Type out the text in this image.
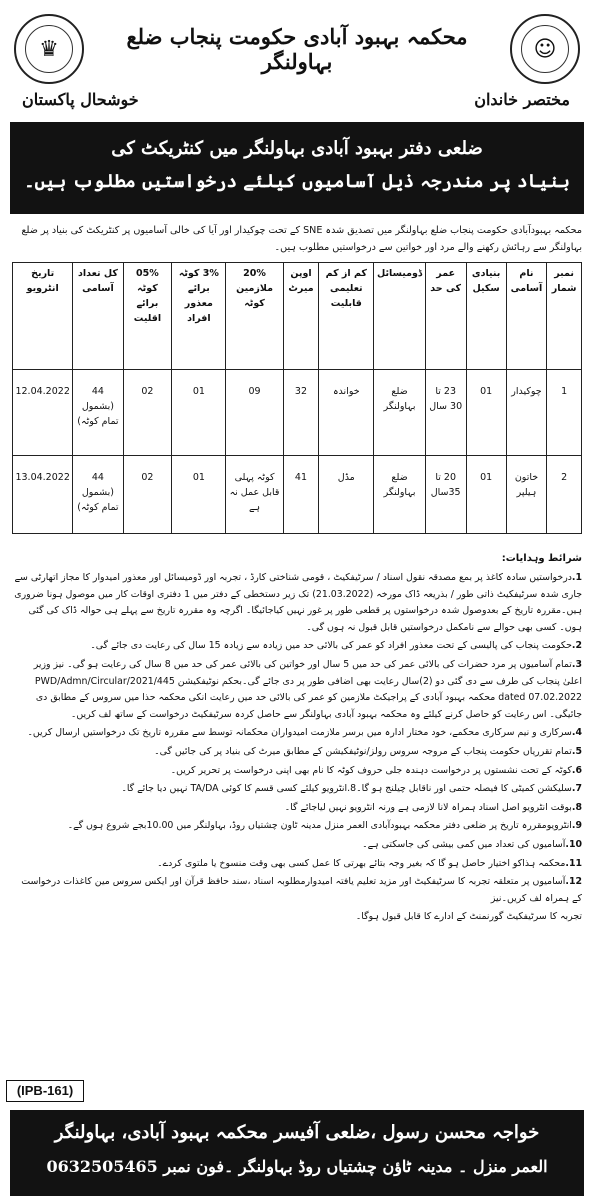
♛	☺
محکمہ بہبود آبادی حکومت پنجاب ضلع بہاولنگر
خوشحال پاکستان	مختصر خاندان
ضلعی دفتر بہبود آبادی بہاولنگر میں کنٹریکٹ کی
بنیاد پر مندرجہ ذیل آسامیوں کیلئے درخواستیں مطلوب ہیں۔
محکمہ بہبودآبادی حکومت پنجاب ضلع بہاولنگر میں تصدیق شدہ SNE کے تحت چوکیدار اور آیا کی خالی آسامیوں پر کنٹریکٹ کی بنیاد پر ضلع بہاولنگر سے رہائش رکھنے والے مرد اور خواتین سے درخواستیں مطلوب ہیں۔
نمبر شمار	نام آسامی	بنیادی سکیل	عمر کی حد	ڈومیسائل	کم از کم تعلیمی قابلیت	اوپن میرٹ	20% ملازمین کوٹہ	3% کوٹہ برائے معذور افراد	05% کوٹہ برائے اقلیت	کل تعداد آسامی	تاریخ انٹرویو
1	چوکیدار	01	23 تا 30 سال	ضلع بہاولنگر	خواندہ	32	09	01	02	44 (بشمول تمام کوٹہ)	12.04.2022
2	خاتون ہیلپر	01	20 تا 35سال	ضلع بہاولنگر	مڈل	41	کوٹہ پہلی قابل عمل نہ ہے	01	02	44 (بشمول تمام کوٹہ)	13.04.2022
شرائط وہدایات:
1.درخواستیں سادہ کاغذ پر بمع مصدقہ نقول اسناد / سرٹیفکیٹ ، قومی شناختی کارڈ ، تجربہ اور ڈومیسائل اور معذور امیدوار کا مجاز اتھارٹی سے جاری شدہ سرٹیفکیٹ ذاتی طور / بذریعہ ڈاک مورخہ (21.03.2022) تک زیر دستخطی کے دفتر میں 1 دفتری اوقات کار میں موصول ہونا ضروری ہیں۔مقررہ تاریخ کے بعدوصول شدہ درخواستوں پر قطعی طور پر غور نہیں کیاجائیگا۔ اگرچہ وہ مقررہ تاریخ سے پہلے ہی حوالہ ڈاک کی گئی ہوں۔ کسی بھی حوالے سے نامکمل درخواستیں قابل قبول نہ ہوں گی۔
2.حکومت پنجاب کی پالیسی کے تحت معذور افراد کو عمر کی بالائی حد میں زیادہ سے زیادہ 15 سال کی رعایت دی جائے گی۔
3.تمام آسامیوں پر مرد حضرات کی بالائی عمر کی حد میں 5 سال اور خواتین کی بالائی عمر کی حد میں 8 سال کی رعایت ہو گی۔ نیز وزیر اعلیٰ پنجاب کی طرف سے دی گئی دو (2)سال رعایت بھی اضافی طور پر دی جائے گی۔بحکم نوٹیفکیشن PWD/Admn/Circular/2021/445 dated 07.02.2022 محکمہ بہبود آبادی کے پراجیکٹ ملازمین کو عمر کی بالائی حد میں رعایت انکی محکمہ حذا میں سروس کے مطابق دی جائیگی۔ اس رعایت کو حاصل کرنے کیلئے وہ محکمہ بہبود آبادی بہاولنگر سے حاصل کردہ سرٹیفکیٹ درخواست کے ساتھ لف کریں۔
4.سرکاری و نیم سرکاری محکمے، خود مختار ادارہ میں برسر ملازمت امیدواران محکمانہ توسط سے مقررہ تاریخ تک درخواستیں ارسال کریں۔
5.تمام تقرریاں حکومت پنجاب کے مروجہ سروس رولز/نوٹیفکیشن کے مطابق میرٹ کی بنیاد پر کی جائیں گی۔
6.کوٹہ کے تحت نشستوں پر درخواست دہندہ جلی حروف کوٹہ کا نام بھی اپنی درخواست پر تحریر کریں۔
7.سلیکشن کمیٹی کا فیصلہ حتمی اور ناقابل چیلنج ہو گا۔8.انٹرویو کیلئے کسی قسم کا کوئی TA/DA نہیں دیا جائے گا۔
8.بوقت انٹرویو اصل اسناد ہمراہ لانا لازمی ہے ورنہ انٹرویو نہیں لیاجائے گا۔
9.انٹرویومقررہ تاریخ پر ضلعی دفتر محکمہ بہبودآبادی العمر منزل مدینہ ٹاون چشتیاں روڈ، بہاولنگر میں 10.00بجے شروع ہوں گے۔
10.آسامیوں کی تعداد میں کمی بیشی کی جاسکتی ہے۔
11.محکمہ ہذاکو اختیار حاصل ہو گا کہ بغیر وجہ بتائے بھرتی کا عمل کسی بھی وقت منسوخ یا ملتوی کردے۔
12.آسامیوں پر متعلقہ تجربہ کا سرٹیفکیٹ اور مزید تعلیم یافتہ امیدوارمطلوبہ اسناد ،سند حافظ قرآن اور ایکس سروس مین کاغذات درخواست کے ہمراہ لف کریں۔نیز
تجربہ کا سرٹیفکیٹ گورنمنٹ کے ادارے کا قابل قبول ہوگا۔
(IPB-161)
خواجہ محسن رسول ،ضلعی آفیسر محکمہ بہبود آبادی، بہاولنگر
العمر منزل ۔ مدینہ ٹاؤن چشتیاں روڈ بہاولنگر ۔فون نمبر 0632505465
